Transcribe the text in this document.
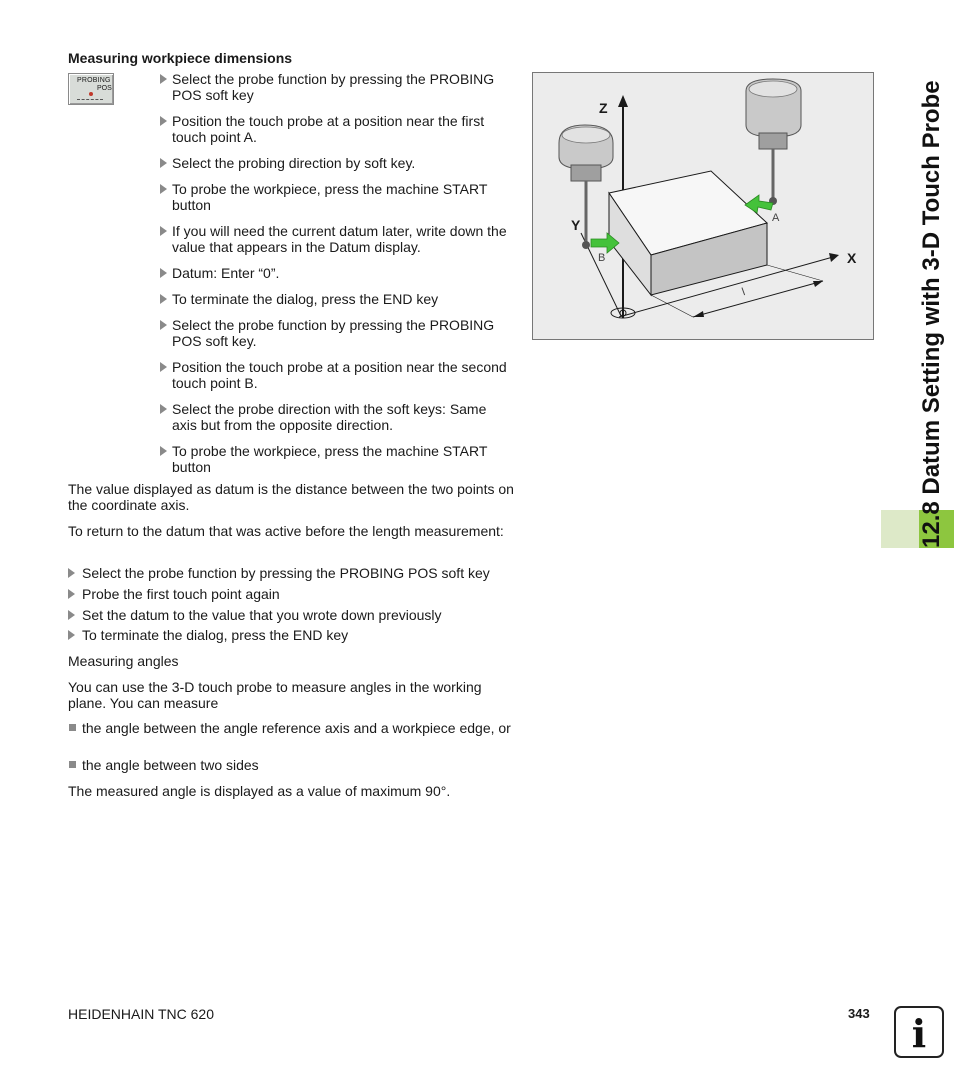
Measuring workpiece dimensions
PROBING
POS
Select the probe function by pressing the PROBING POS soft key
Position the touch probe at a position near the first touch point A.
Select the probing direction by soft key.
To probe the workpiece, press the machine START button
If you will need the current datum later, write down the value that appears in the Datum display.
Datum: Enter “0”.
To terminate the dialog, press the END key
Select the probe function by pressing the PROBING POS soft key.
Position the touch probe at a position near the second touch point B.
Select the probe direction with the soft keys: Same axis but from the opposite direction.
To probe the workpiece, press the machine START button
The value displayed as datum is the distance between the two points on the coordinate axis.
To return to the datum that was active before the length measurement:
Select the probe function by pressing the PROBING POS soft key
Probe the first touch point again
Set the datum to the value that you wrote down previously
To terminate the dialog, press the END key
Measuring angles
You can use the 3-D touch probe to measure angles in the working plane. You can measure
the angle between the angle reference axis and a workpiece edge, or
the angle between two sides
The measured angle is displayed as a value of maximum 90°.
Z
Y
X
A
B
l	12.8 Datum Setting with 3-D Touch Probe
HEIDENHAIN TNC 620	343	i
